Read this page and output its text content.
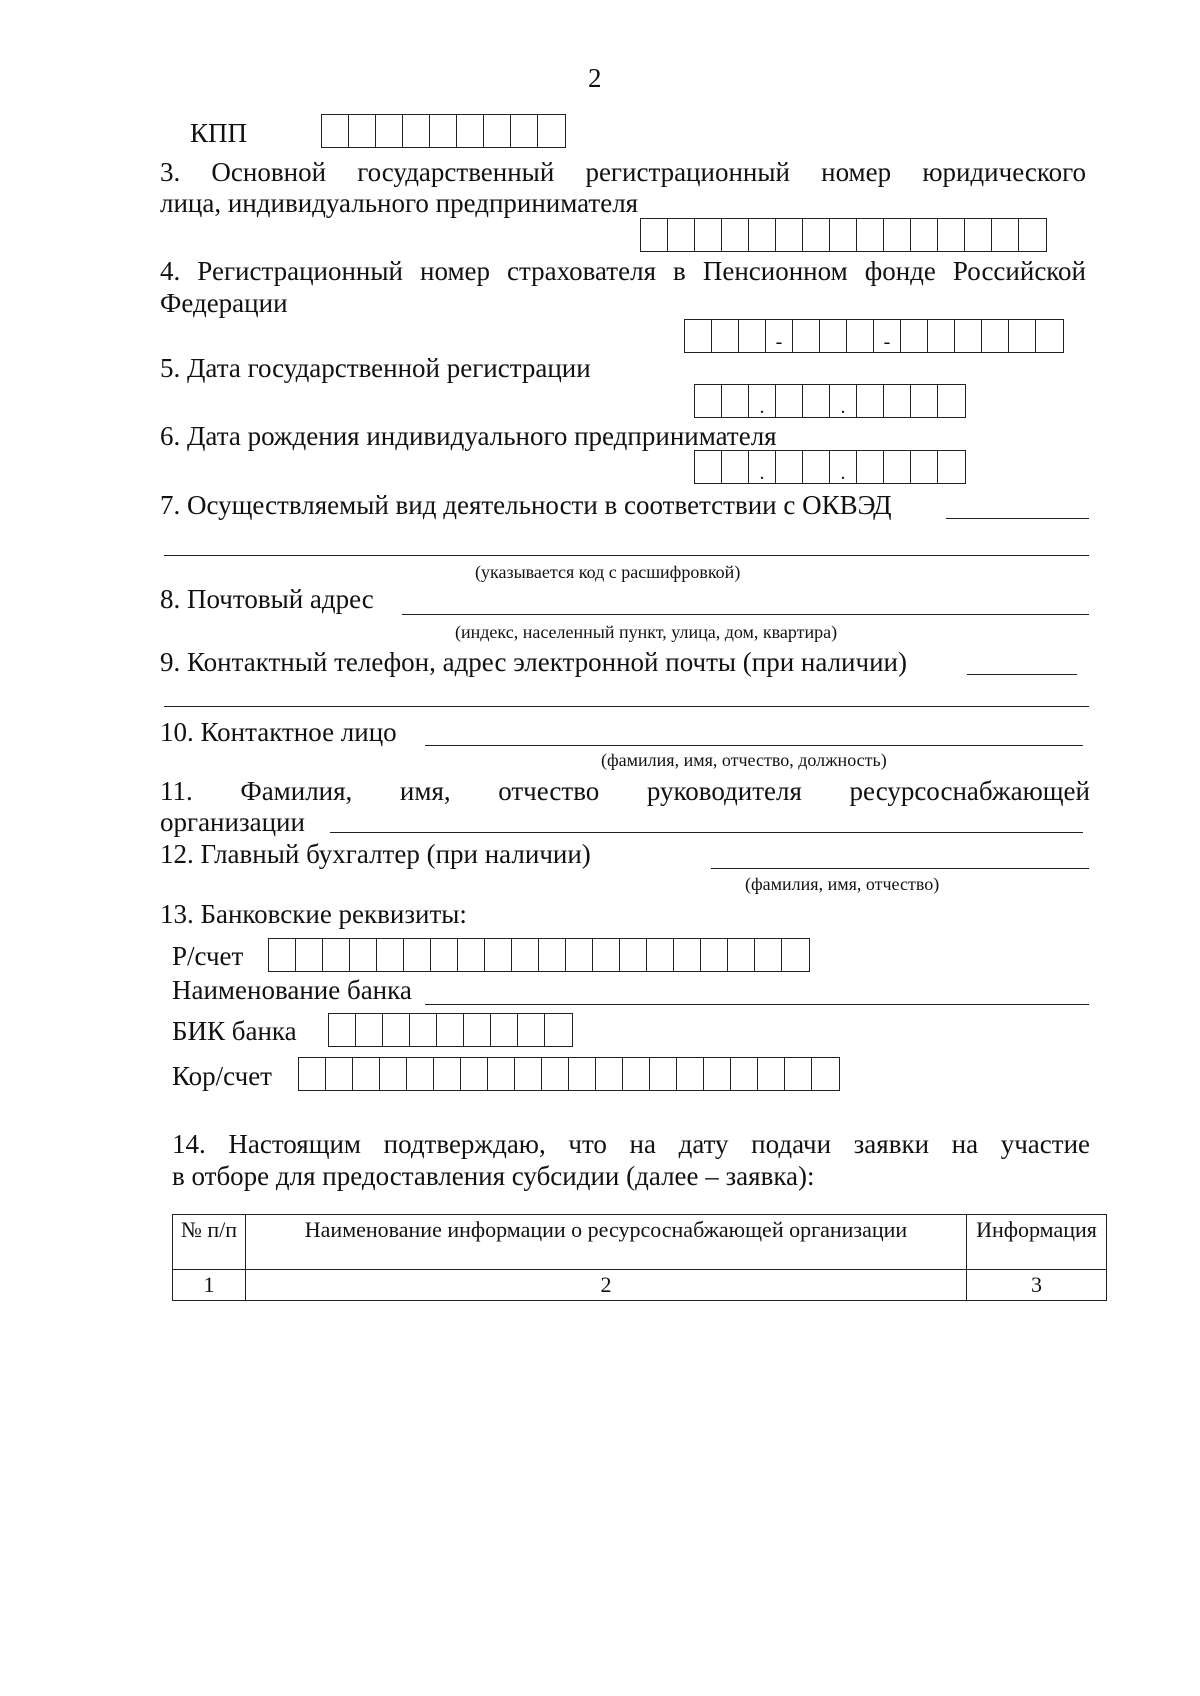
2
КПП
3. Основной государственный регистрационный номер юридического
лица, индивидуального предпринимателя
4. Регистрационный номер страхователя в Пенсионном фонде Российской
Федерации
-	-
5. Дата государственной регистрации
.	.
6. Дата рождения индивидуального предпринимателя
.	.
7. Осуществляемый вид деятельности в соответствии с ОКВЭД
(указывается код с расшифровкой)
8. Почтовый адрес
(индекс, населенный пункт, улица, дом, квартира)
9. Контактный телефон, адрес электронной почты (при наличии)
10. Контактное лицо
(фамилия, имя, отчество, должность)
11. Фамилия, имя, отчество руководителя ресурсоснабжающей
организации
12. Главный бухгалтер (при наличии)
(фамилия, имя, отчество)
13. Банковские реквизиты:
Р/счет
Наименование банка
БИК банка
Кор/счет
14. Настоящим подтверждаю, что на дату подачи заявки на участие
в отборе для предоставления субсидии (далее – заявка):
№ п/п	Наименование информации о ресурсоснабжающей организации	Информация
1	2	3
